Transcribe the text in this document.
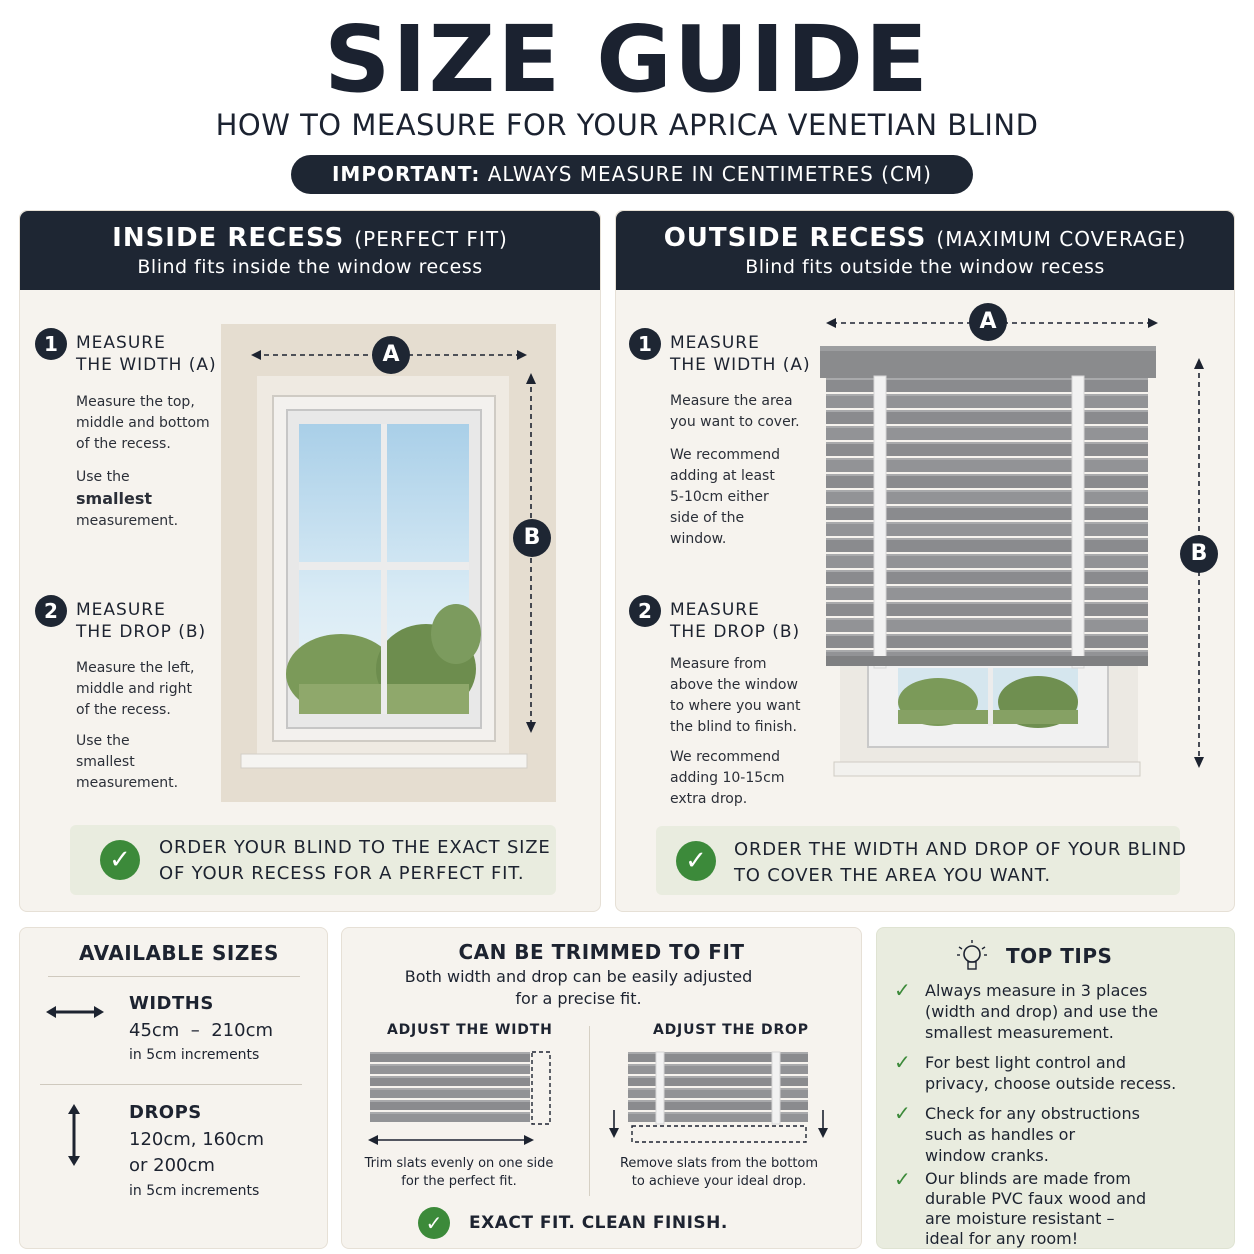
SIZE GUIDE
HOW TO MEASURE FOR YOUR APRICA VENETIAN BLIND
IMPORTANT: ALWAYS MEASURE IN CENTIMETRES (CM)
INSIDE RECESS (PERFECT FIT)
Blind fits inside the window recess
1	MEASURE
THE WIDTH (A)
Measure the top,
middle and bottom
of the recess.
Use the
smallest
measurement.
2	MEASURE
THE DROP (B)
Measure the left,
middle and right
of the recess.
Use the
smallest
measurement.
A
B
✓	ORDER YOUR BLIND TO THE EXACT SIZE
OF YOUR RECESS FOR A PERFECT FIT.
OUTSIDE RECESS (MAXIMUM COVERAGE)
Blind fits outside the window recess
1	MEASURE
THE WIDTH (A)
Measure the area
you want to cover.
We recommend
adding at least
5-10cm either
side of the
window.
2	MEASURE
THE DROP (B)
Measure from
above the window
to where you want
the blind to finish.
We recommend
adding 10-15cm
extra drop.
A
B
✓	ORDER THE WIDTH AND DROP OF YOUR BLIND
TO COVER THE AREA YOU WANT.
AVAILABLE SIZES
WIDTHS
45cm  –  210cm
in 5cm increments
DROPS
120cm, 160cm
or 200cm
in 5cm increments
CAN BE TRIMMED TO FIT
Both width and drop can be easily adjusted
for a precise fit.
ADJUST THE WIDTH	ADJUST THE DROP
Trim slats evenly on one side
for the perfect fit.
Remove slats from the bottom
to achieve your ideal drop.
✓	EXACT FIT. CLEAN FINISH.
TOP TIPS
✓ Always measure in 3 places
(width and drop) and use the
smallest measurement.
✓ For best light control and
privacy, choose outside recess.
✓ Check for any obstructions
such as handles or
window cranks.
✓ Our blinds are made from
durable PVC faux wood and
are moisture resistant –
ideal for any room!
